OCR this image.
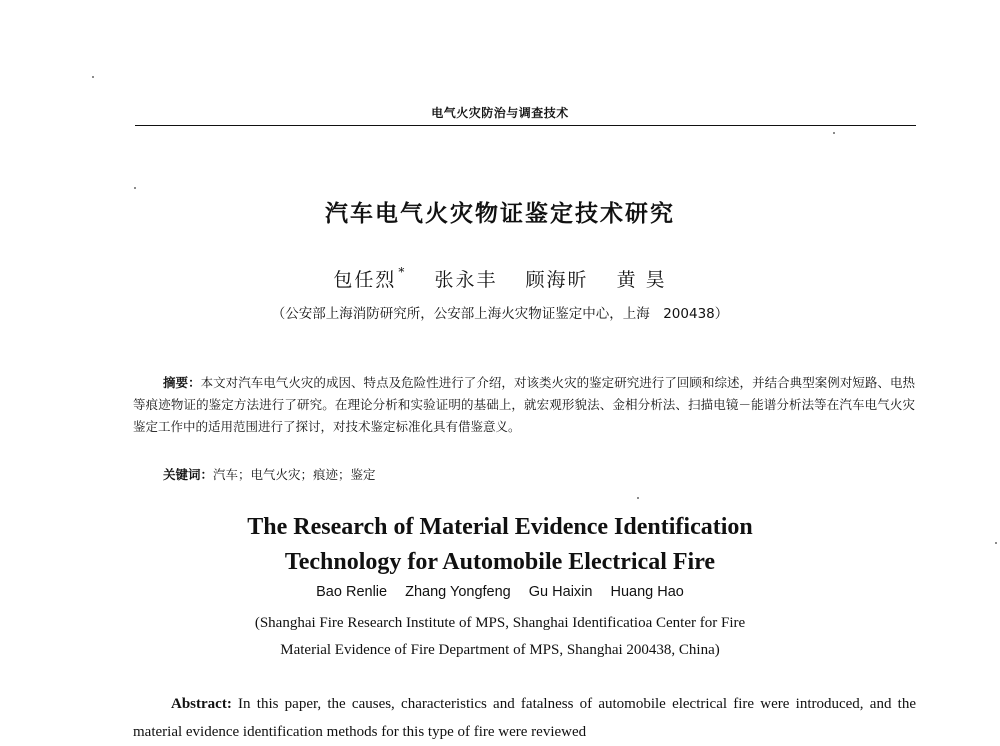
电气火灾防治与调查技术
汽车电气火灾物证鉴定技术研究
包任烈 * 张永丰 顾海昕 黄 昊
（公安部上海消防研究所，公安部上海火灾物证鉴定中心，上海　200438）
摘要：本文对汽车电气火灾的成因、特点及危险性进行了介绍，对该类火灾的鉴定研究进行了回顾和综述，并结合典型案例对短路、电热等痕迹物证的鉴定方法进行了研究。在理论分析和实验证明的基础上，就宏观形貌法、金相分析法、扫描电镜－能谱分析法等在汽车电气火灾鉴定工作中的适用范围进行了探讨，对技术鉴定标准化具有借鉴意义。
关键词：汽车；电气火灾；痕迹；鉴定
The Research of Material Evidence Identification
Technology for Automobile Electrical Fire
Bao Renlie Zhang Yongfeng Gu Haixin Huang Hao
(Shanghai Fire Research Institute of MPS, Shanghai Identificatioa Center for Fire
Material Evidence of Fire Department of MPS, Shanghai 200438, China)
Abstract: In this paper, the causes, characteristics and fatalness of automobile electrical fire were introduced, and the material evidence identification methods for this type of fire were reviewed
